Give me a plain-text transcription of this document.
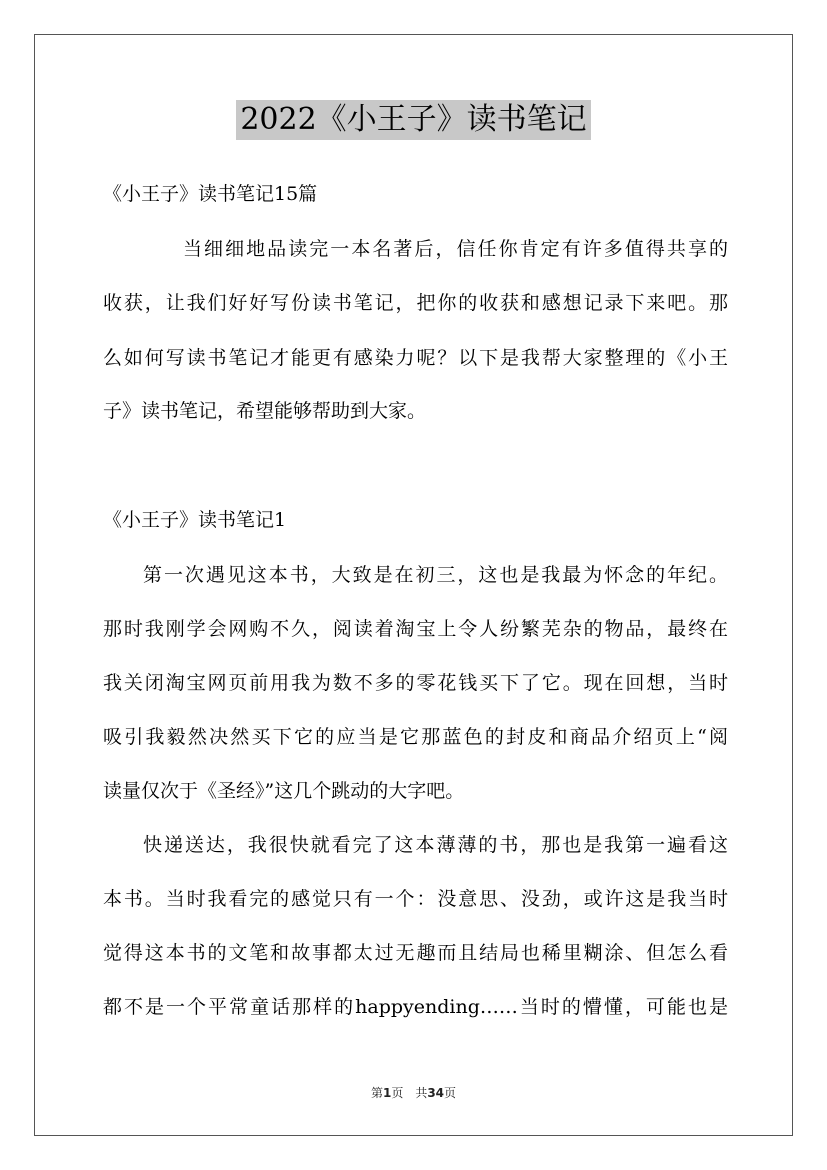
2022《小王子》读书笔记
《小王子》读书笔记15篇
当细细地品读完一本名著后，信任你肯定有许多值得共享的
收获，让我们好好写份读书笔记，把你的收获和感想记录下来吧。那
么如何写读书笔记才能更有感染力呢？以下是我帮大家整理的《小王
子》读书笔记，希望能够帮助到大家。
《小王子》读书笔记1
第一次遇见这本书，大致是在初三，这也是我最为怀念的年纪。
那时我刚学会网购不久，阅读着淘宝上令人纷繁芜杂的物品，最终在
我关闭淘宝网页前用我为数不多的零花钱买下了它。现在回想，当时
吸引我毅然决然买下它的应当是它那蓝色的封皮和商品介绍页上“阅
读量仅次于《圣经》”这几个跳动的大字吧。
快递送达，我很快就看完了这本薄薄的书，那也是我第一遍看这
本书。当时我看完的感觉只有一个：没意思、没劲，或许这是我当时
觉得这本书的文笔和故事都太过无趣而且结局也稀里糊涂、但怎么看
都不是一个平常童话那样的happyending……当时的懵懂，可能也是
第1页　共34页
